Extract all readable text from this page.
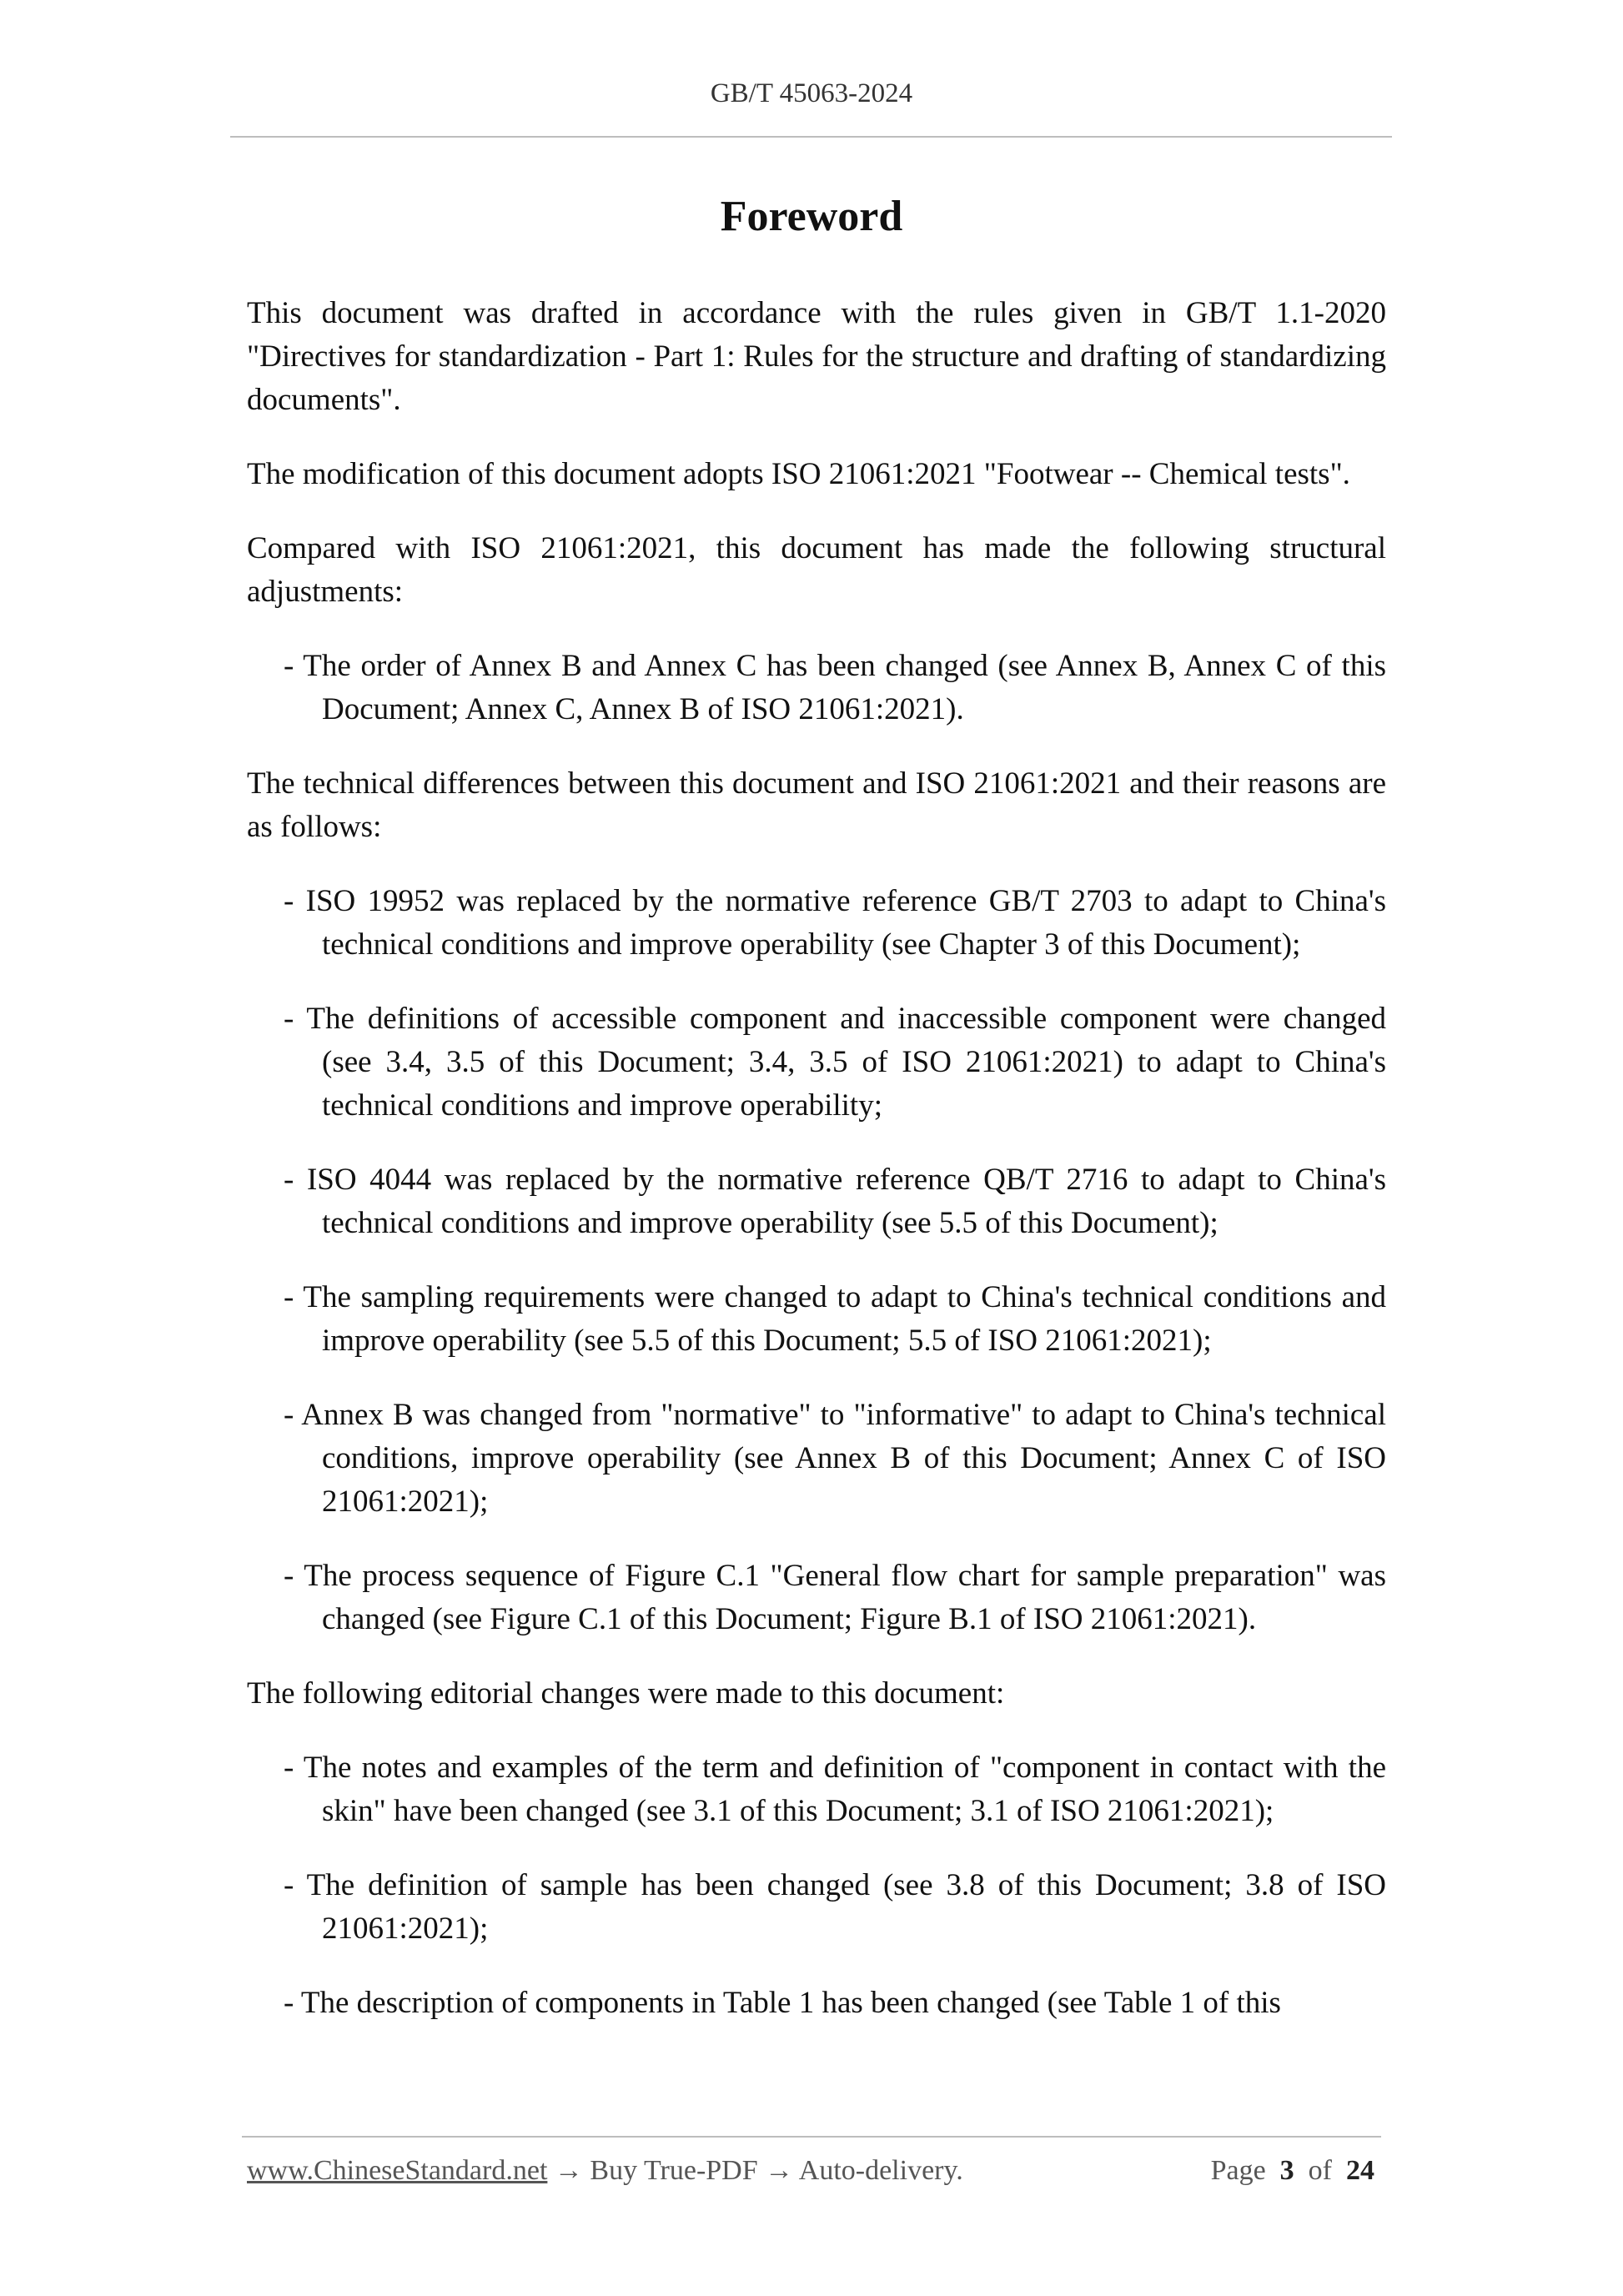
GB/T 45063-2024
Foreword

This document was drafted in accordance with the rules given in GB/T 1.1-2020 "Directives for standardization - Part 1: Rules for the structure and drafting of standardizing documents".

The modification of this document adopts ISO 21061:2021 "Footwear -- Chemical tests".

Compared with ISO 21061:2021, this document has made the following structural adjustments:

- The order of Annex B and Annex C has been changed (see Annex B, Annex C of this Document; Annex C, Annex B of ISO 21061:2021).

The technical differences between this document and ISO 21061:2021 and their reasons are as follows:

- ISO 19952 was replaced by the normative reference GB/T 2703 to adapt to China's technical conditions and improve operability (see Chapter 3 of this Document);
- The definitions of accessible component and inaccessible component were changed (see 3.4, 3.5 of this Document; 3.4, 3.5 of ISO 21061:2021) to adapt to China's technical conditions and improve operability;
- ISO 4044 was replaced by the normative reference QB/T 2716 to adapt to China's technical conditions and improve operability (see 5.5 of this Document);
- The sampling requirements were changed to adapt to China's technical conditions and improve operability (see 5.5 of this Document; 5.5 of ISO 21061:2021);
- Annex B was changed from "normative" to "informative" to adapt to China's technical conditions, improve operability (see Annex B of this Document; Annex C of ISO 21061:2021);
- The process sequence of Figure C.1 "General flow chart for sample preparation" was changed (see Figure C.1 of this Document; Figure B.1 of ISO 21061:2021).

The following editorial changes were made to this document:

- The notes and examples of the term and definition of "component in contact with the skin" have been changed (see 3.1 of this Document; 3.1 of ISO 21061:2021);
- The definition of sample has been changed (see 3.8 of this Document; 3.8 of ISO 21061:2021);
- The description of components in Table 1 has been changed (see Table 1 of this
www.ChineseStandard.net → Buy True-PDF → Auto-delivery.	Page 3 of 24
